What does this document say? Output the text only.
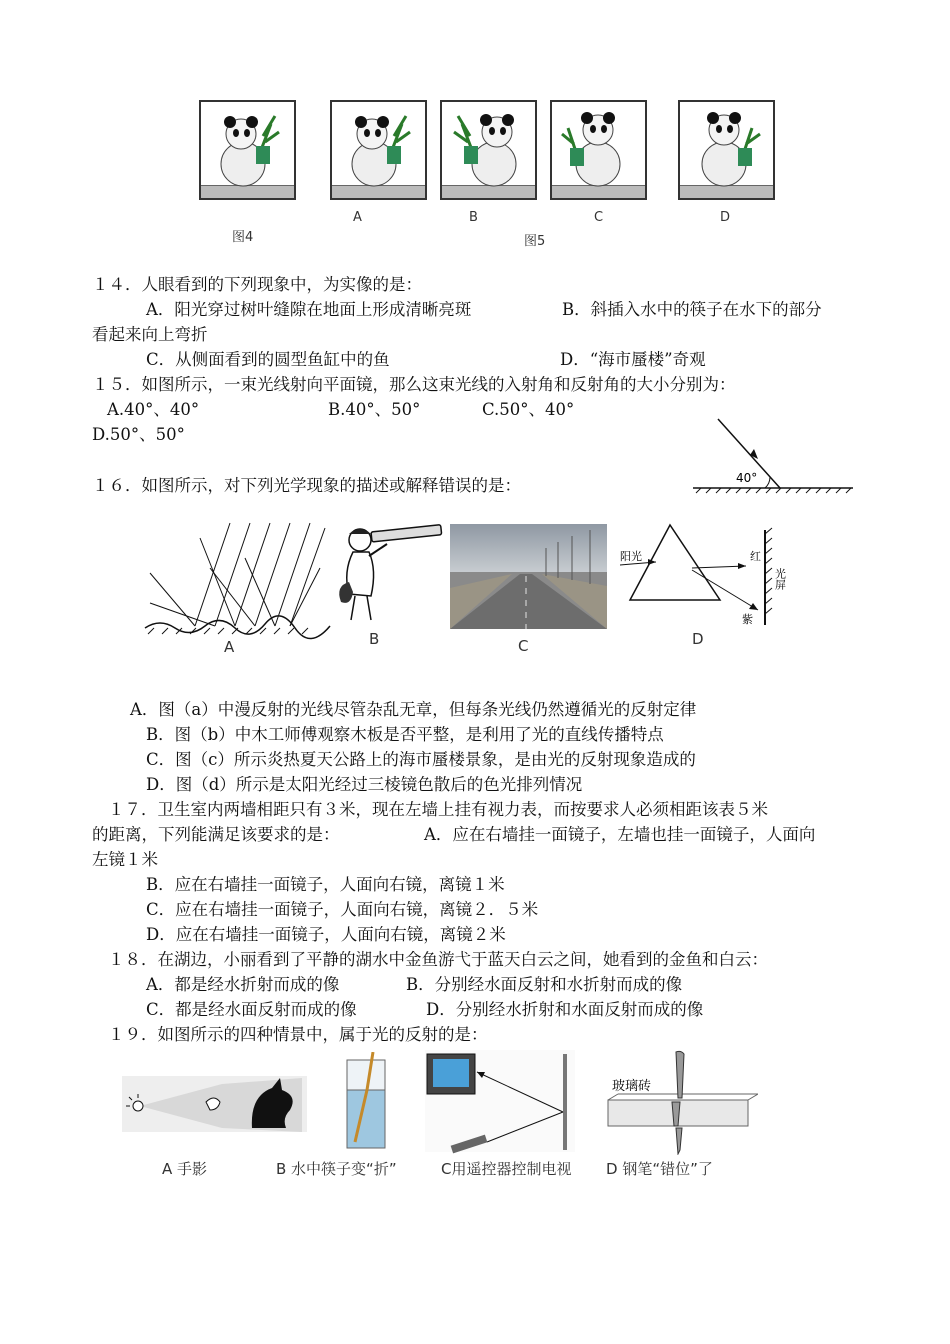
图4
A	B	C	D
图5
１４．人眼看到的下列现象中，为实像的是：
A．阳光穿过树叶缝隙在地面上形成清晰亮斑	B．斜插入水中的筷子在水下的部分
看起来向上弯折
C．从侧面看到的圆型鱼缸中的鱼	D．“海市蜃楼”奇观
１５．如图所示，一束光线射向平面镜，那么这束光线的入射角和反射角的大小分别为：
A.40°、40°	B.40°、50°	C.50°、40°
D.50°、50°
40°
１６．如图所示，对下列光学现象的描述或解释错误的是：
A	B	C
阳光	红
紫
光屏
D
A．图（a）中漫反射的光线尽管杂乱无章，但每条光线仍然遵循光的反射定律
B．图（b）中木工师傅观察木板是否平整，是利用了光的直线传播特点
C．图（c）所示炎热夏天公路上的海市蜃楼景象，是由光的反射现象造成的
D．图（d）所示是太阳光经过三棱镜色散后的色光排列情况
１７．卫生室内两墙相距只有３米，现在左墙上挂有视力表，而按要求人必须相距该表５米
的距离，下列能满足该要求的是：	A．应在右墙挂一面镜子，左墙也挂一面镜子，人面向
左镜１米
B．应在右墙挂一面镜子，人面向右镜，离镜１米
C．应在右墙挂一面镜子，人面向右镜，离镜２．５米
D．应在右墙挂一面镜子，人面向右镜，离镜２米
１８．在湖边，小丽看到了平静的湖水中金鱼游弋于蓝天白云之间，她看到的金鱼和白云：
A．都是经水折射而成的像	B．分别经水面反射和水折射而成的像
C．都是经水面反射而成的像	D．分别经水折射和水面反射而成的像
１９．如图所示的四种情景中，属于光的反射的是：
A 手影	B 水中筷子变“折”	C用遥控器控制电视
玻璃砖
D 钢笔“错位”了
